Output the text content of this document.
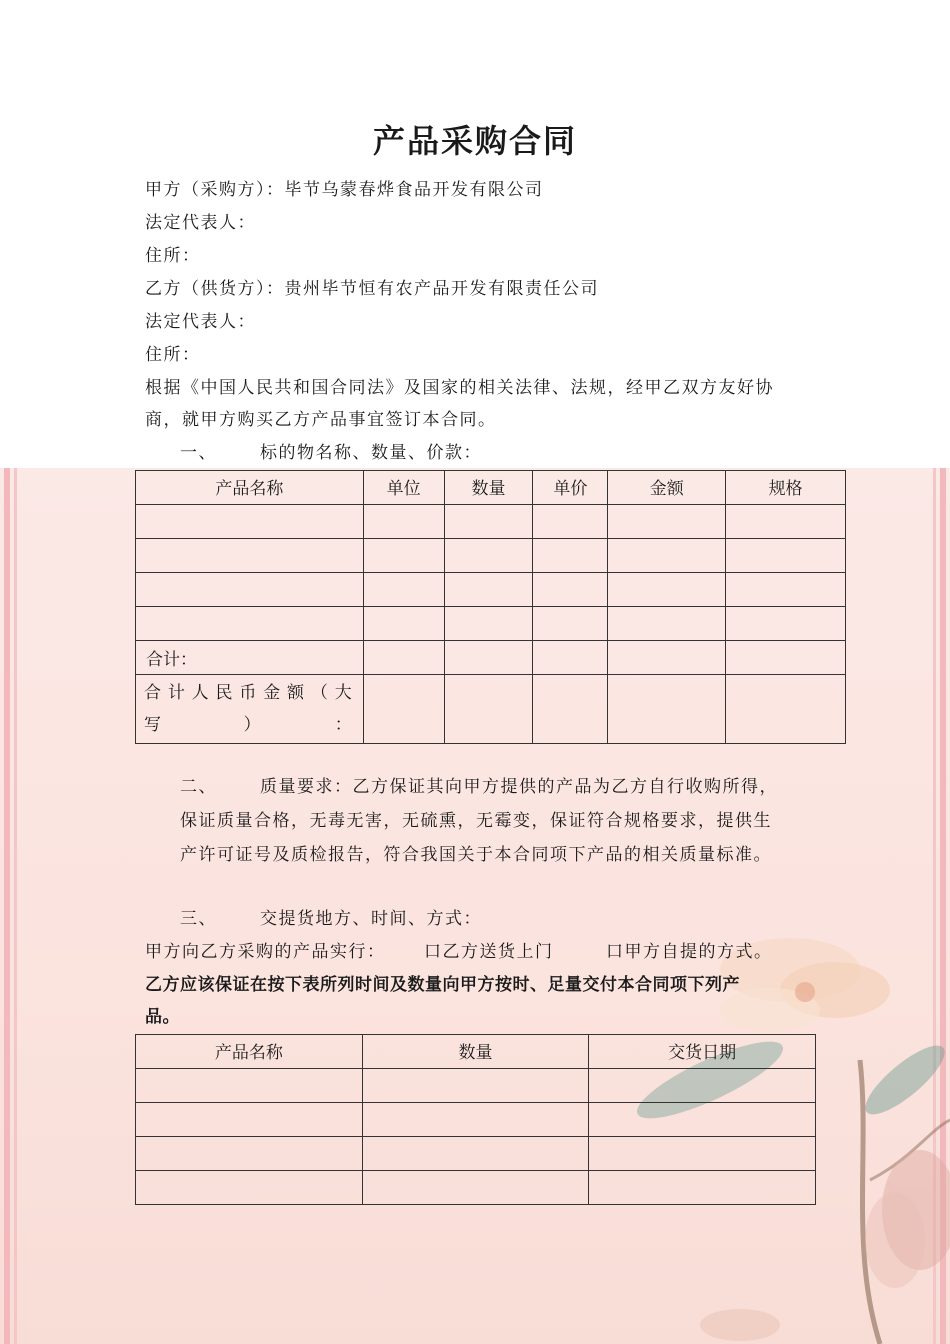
产品采购合同
甲方（采购方）：毕节乌蒙春烨食品开发有限公司
法定代表人：
住所：
乙方（供货方）：贵州毕节恒有农产品开发有限责任公司
法定代表人：
住所：
根据《中国人民共和国合同法》及国家的相关法律、法规，经甲乙双方友好协
商，就甲方购买乙方产品事宜签订本合同。
一、	标的物名称、数量、价款：
产品名称	单位	数量	单价	金额	规格

合计：					
合计人民币金额（大写）：					
二、	质量要求：乙方保证其向甲方提供的产品为乙方自行收购所得，
保证质量合格，无毒无害，无硫熏，无霉变，保证符合规格要求，提供生
产许可证号及质检报告，符合我国关于本合同项下产品的相关质量标准。
三、	交提货地方、时间、方式：
甲方向乙方采购的产品实行： 口乙方送货上门	口甲方自提的方式。
乙方应该保证在按下表所列时间及数量向甲方按时、足量交付本合同项下列产
品。
产品名称	数量	交货日期
